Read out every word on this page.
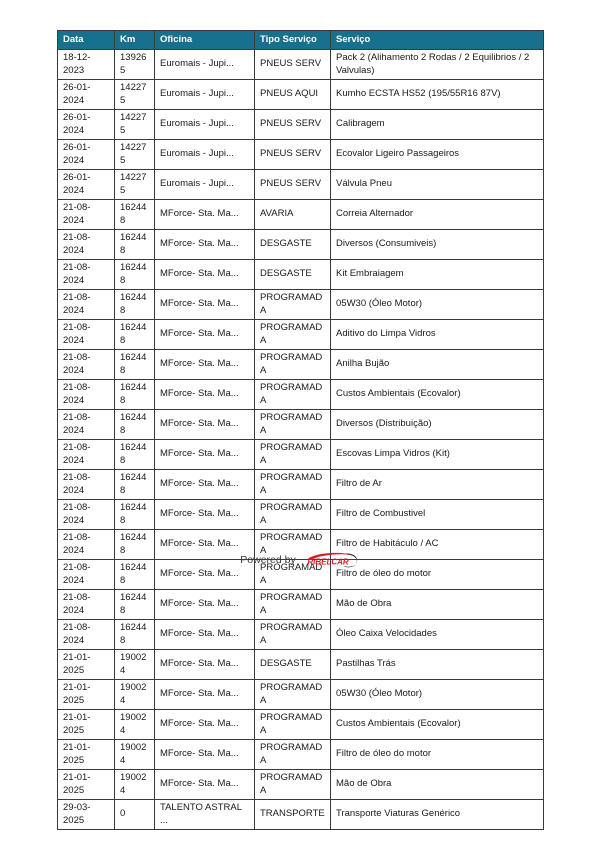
Data	Km	Oficina	Tipo Serviço	Serviço
18-12-2023	139265	Euromais - Jupi...	PNEUS SERV	Pack 2 (Alihamento 2 Rodas / 2 Equilibrios / 2 Valvulas)
26-01-2024	142275	Euromais - Jupi...	PNEUS AQUI	Kumho ECSTA HS52 (195/55R16 87V)
26-01-2024	142275	Euromais - Jupi...	PNEUS SERV	Calibragem
26-01-2024	142275	Euromais - Jupi...	PNEUS SERV	Ecovalor Ligeiro Passageiros
26-01-2024	142275	Euromais - Jupi...	PNEUS SERV	Válvula Pneu
21-08-2024	162448	MForce- Sta. Ma...	AVARIA	Correia Alternador
21-08-2024	162448	MForce- Sta. Ma...	DESGASTE	Diversos (Consumiveis)
21-08-2024	162448	MForce- Sta. Ma...	DESGASTE	Kit Embraiagem
21-08-2024	162448	MForce- Sta. Ma...	PROGRAMADA	05W30 (Óleo Motor)
21-08-2024	162448	MForce- Sta. Ma...	PROGRAMADA	Aditivo do Limpa Vidros
21-08-2024	162448	MForce- Sta. Ma...	PROGRAMADA	Anilha Bujão
21-08-2024	162448	MForce- Sta. Ma...	PROGRAMADA	Custos Ambientais (Ecovalor)
21-08-2024	162448	MForce- Sta. Ma...	PROGRAMADA	Diversos (Distribuição)
21-08-2024	162448	MForce- Sta. Ma...	PROGRAMADA	Escovas Limpa Vidros (Kit)
21-08-2024	162448	MForce- Sta. Ma...	PROGRAMADA	Filtro de Ar
21-08-2024	162448	MForce- Sta. Ma...	PROGRAMADA	Filtro de Combustivel
21-08-2024	162448	MForce- Sta. Ma...	PROGRAMADA	Filtro de Habitáculo / AC
21-08-2024	162448	MForce- Sta. Ma...	PROGRAMADA	Filtro de óleo do motor
21-08-2024	162448	MForce- Sta. Ma...	PROGRAMADA	Mão de Obra
21-08-2024	162448	MForce- Sta. Ma...	PROGRAMADA	Óleo Caixa Velocidades
21-01-2025	190024	MForce- Sta. Ma...	DESGASTE	Pastilhas Trás
21-01-2025	190024	MForce- Sta. Ma...	PROGRAMADA	05W30 (Óleo Motor)
21-01-2025	190024	MForce- Sta. Ma...	PROGRAMADA	Custos Ambientais (Ecovalor)
21-01-2025	190024	MForce- Sta. Ma...	PROGRAMADA	Filtro de óleo do motor
21-01-2025	190024	MForce- Sta. Ma...	PROGRAMADA	Mão de Obra
29-03-2025	0	TALENTO ASTRAL ...	TRANSPORTE	Transporte Viaturas Genérico
Powered by RIBELCAR
